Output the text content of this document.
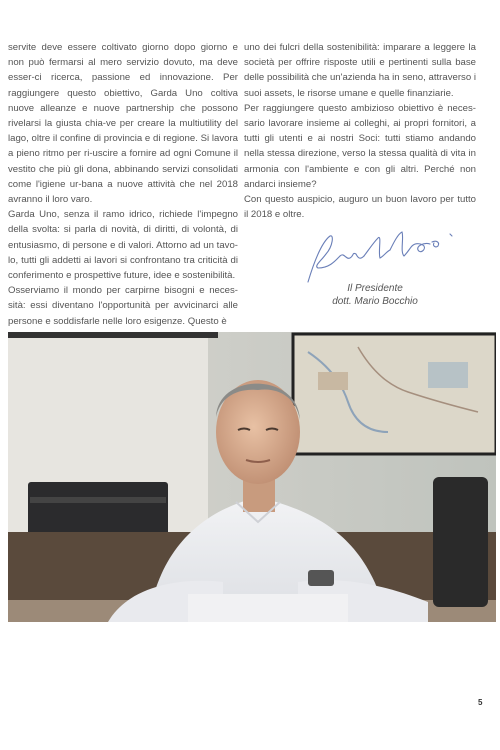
servite deve essere coltivato giorno dopo giorno e non può fermarsi al mero servizio dovuto, ma deve esser-ci ricerca, passione ed innovazione. Per raggiungere questo obiettivo, Garda Uno coltiva nuove alleanze e nuove partnership che possono rivelarsi la giusta chia-ve per creare la multiutility del lago, oltre il confine di provincia e di regione. Si lavora a pieno ritmo per ri-uscire a fornire ad ogni Comune il vestito che più gli dona, abbinando servizi consolidati come l'igiene ur-bana a nuove attività che nel 2018 avranno il loro varo.

Garda Uno, senza il ramo idrico, richiede l'impegno della svolta: si parla di novità, di diritti, di volontà, di entusiasmo, di persone e di valori. Attorno ad un tavo-lo, tutti gli addetti ai lavori si confrontano tra criticità di conferimento e prospettive future, idee e sostenibilità.

Osserviamo il mondo per carpirne bisogni e neces-sità: essi diventano l'opportunità per avvicinarci alle persone e soddisfarle nelle loro esigenze. Questo è

uno dei fulcri della sostenibilità: imparare a leggere la società per offrire risposte utili e pertinenti sulla base delle possibilità che un'azienda ha in seno, attraverso i suoi assets, le risorse umane e quelle finanziarie.

Per raggiungere questo ambizioso obiettivo è neces-sario lavorare insieme ai colleghi, ai propri fornitori, a tutti gli utenti e ai nostri Soci: tutti stiamo andando nella stessa direzione, verso la stessa qualità di vita in armonia con l'ambiente e con gli altri. Perché non andarci insieme?

Con questo auspicio, auguro un buon lavoro per tutto il 2018 e oltre.

Il Presidente
dott. Mario Bocchio
5
